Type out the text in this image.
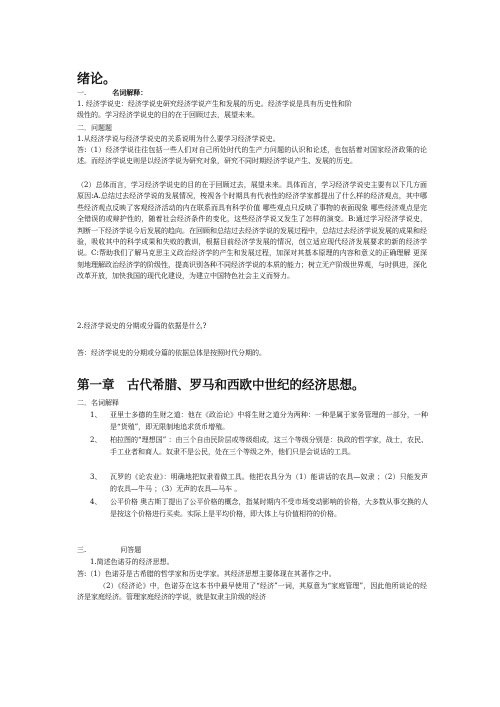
绪论。
一.	名词解释：
1. 经济学说史：经济学说史研究经济学说产生和发展的历史。经济学说是具有历史性和阶
级性的。学习经济学说史的目的在于回顾过去，展望未来。
二．问题题
1.从经济学说与经济学说史的关系说明为什么要学习经济学说史。
答:（1）经济学说往往包括一些人们对自己所处时代的生产力问题的认识和论述，也包括着对国家经济政策的论述。而经济学说史则是以经济学说为研究对象，研究不同时期经济学说产生、发展的历史。
（2）总体而言，学习经济学说史的目的在于回顾过去，展望未来。具体而言，学习经济学说史主要有以下几方面原因:A.总结过去经济学说的发展情况，梭视各个时期具有代表性的经济学家都提出了什么样的经济观点，其中哪些经济观点反映了客观经济活动的内在联系而具有科学价值 哪些观点只反映了事物的表面现象 哪些经济观点是完全错误的或辩护性的，随着社会经济条件的变化，这些经济学说又发生了怎样的演变。B:通过学习经济学说史，判断一下经济学说今后发展的趋向。在回顾和总结过去经济学说的发展过程中，总结过去经济学说发展的成果和经验，吸收其中的科学成果和失败的教训，根据目前经济学发展的情况，创立适应现代经济发展要求的新的经济学说。C:帮助我们了解马克思主义政治经济学的产生和发展过程，加深对其基本原理的内容和意义的正确理解 更深刻地理解政治经济学的阶级性，提高识别各种不同经济学说的本质的能力；树立无产阶级世界观，与时俱进，深化改革开放，加快我国的现代化建设，为建立中国特色社会主义而努力。
2.经济学说史的分期或分篇的依据是什么?
答：经济学说史的分期或分篇的依据总体是按照时代分期的。
第一章　古代希腊、罗马和西欧中世纪的经济思想。
二．名词解释
1、 亚里士多德的生财之道：他在《政治论》中将生财之道分为两种：一种是属于家务管理的一部分，一种是“货殖”，即无限制地追求货币增殖。
2、 柏拉图的“理想国” ：由三个自由民阶层或等级组成，这三个等级分别是：执政的哲学家，战士，农民、手工业者和商人。奴隶不是公民，处在三个等级之外，他们只是会说话的工具。
3、 瓦罗的《论农业》：明确地把奴隶看做工具。他把农具分为（1）能讲话的农具—奴隶 ；（2）只能发声的农具—牛马 ；（3）无声的农具—马车 。
4、 公平价格 奥古斯丁提出了公平价格的概念，指某时期内不受市场变动影响的价格，大多数从事交换的人是按这个价格进行买卖。实际上是平均价格，即大体上与价值相符的价格。
三.	问答题
1.简述色诺芬的经济思想。
答:（1）色诺芬是古希腊的哲学家和历史学家。其经济思想主要体现在其著作之中。
（2）《经济论》中，色诺芬在这本书中最早使用了“经济”一词，其原意为“家庭管理”，因此他所谈论的经济是家庭经济。管理家庭经济的学说，就是奴隶主阶级的经济
